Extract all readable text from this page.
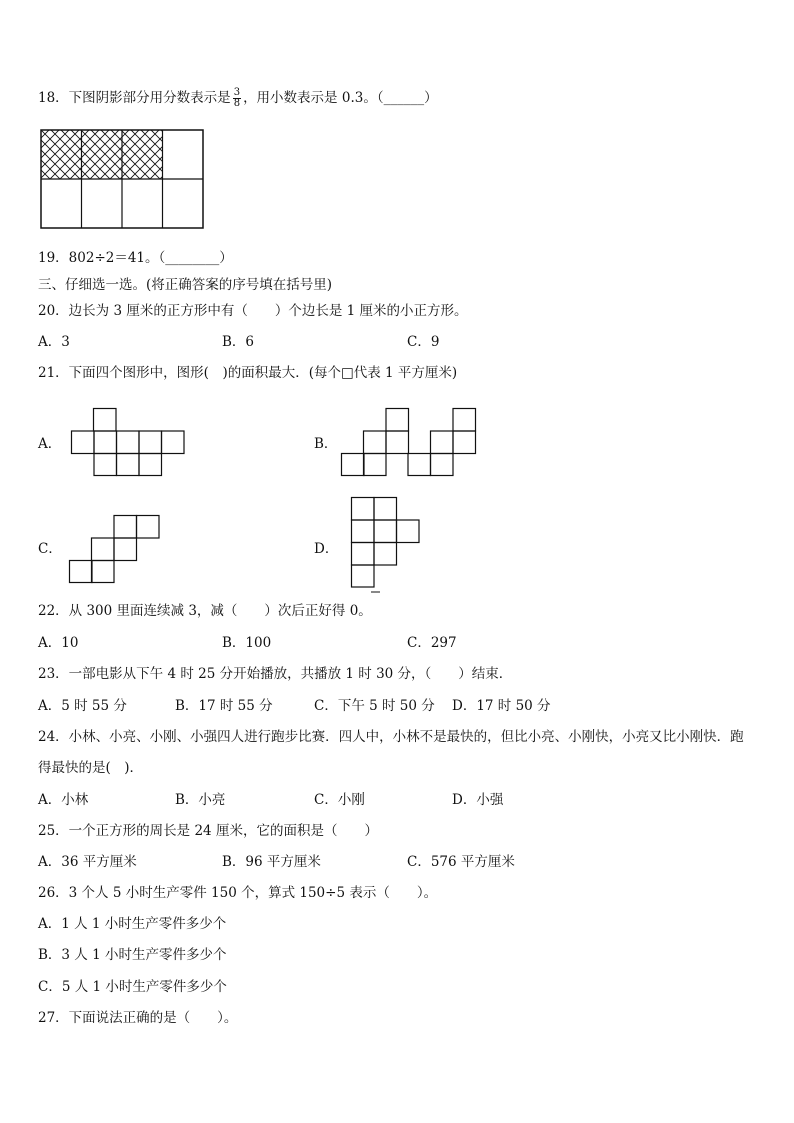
18．下图阴影部分用分数表示是 $\frac{3}{8}$ ，用小数表示是 0.3。（______）
19．802÷2＝41。（________）
三、仔细选一选。(将正确答案的序号填在括号里)
20．边长为 3 厘米的正方形中有（　　）个边长是 1 厘米的小正方形。
A．3	B．6	C．9
21．下面四个图形中，图形(　)的面积最大．(每个□代表 1 平方厘米)
A．	B．
C．	D．
22．从 300 里面连续减 3，减（　　）次后正好得 0。
A．10	B．100	C．297
23．一部电影从下午 4 时 25 分开始播放，共播放 1 时 30 分，（　　）结束．
A．5 时 55 分	B．17 时 55 分	C．下午 5 时 50 分 D．17 时 50 分
24．小林、小亮、小刚、小强四人进行跑步比赛．四人中，小林不是最快的，但比小亮、小刚快，小亮又比小刚快．跑
得最快的是(　)．
A．小林	B．小亮	C．小刚	D．小强
25．一个正方形的周长是 24 厘米，它的面积是（　　）
A．36 平方厘米	B．96 平方厘米	C．576 平方厘米
26．3 个人 5 小时生产零件 150 个，算式 150÷5 表示（　　）。
A．1 人 1 小时生产零件多少个
B．3 人 1 小时生产零件多少个
C．5 人 1 小时生产零件多少个
27．下面说法正确的是（　　）。
